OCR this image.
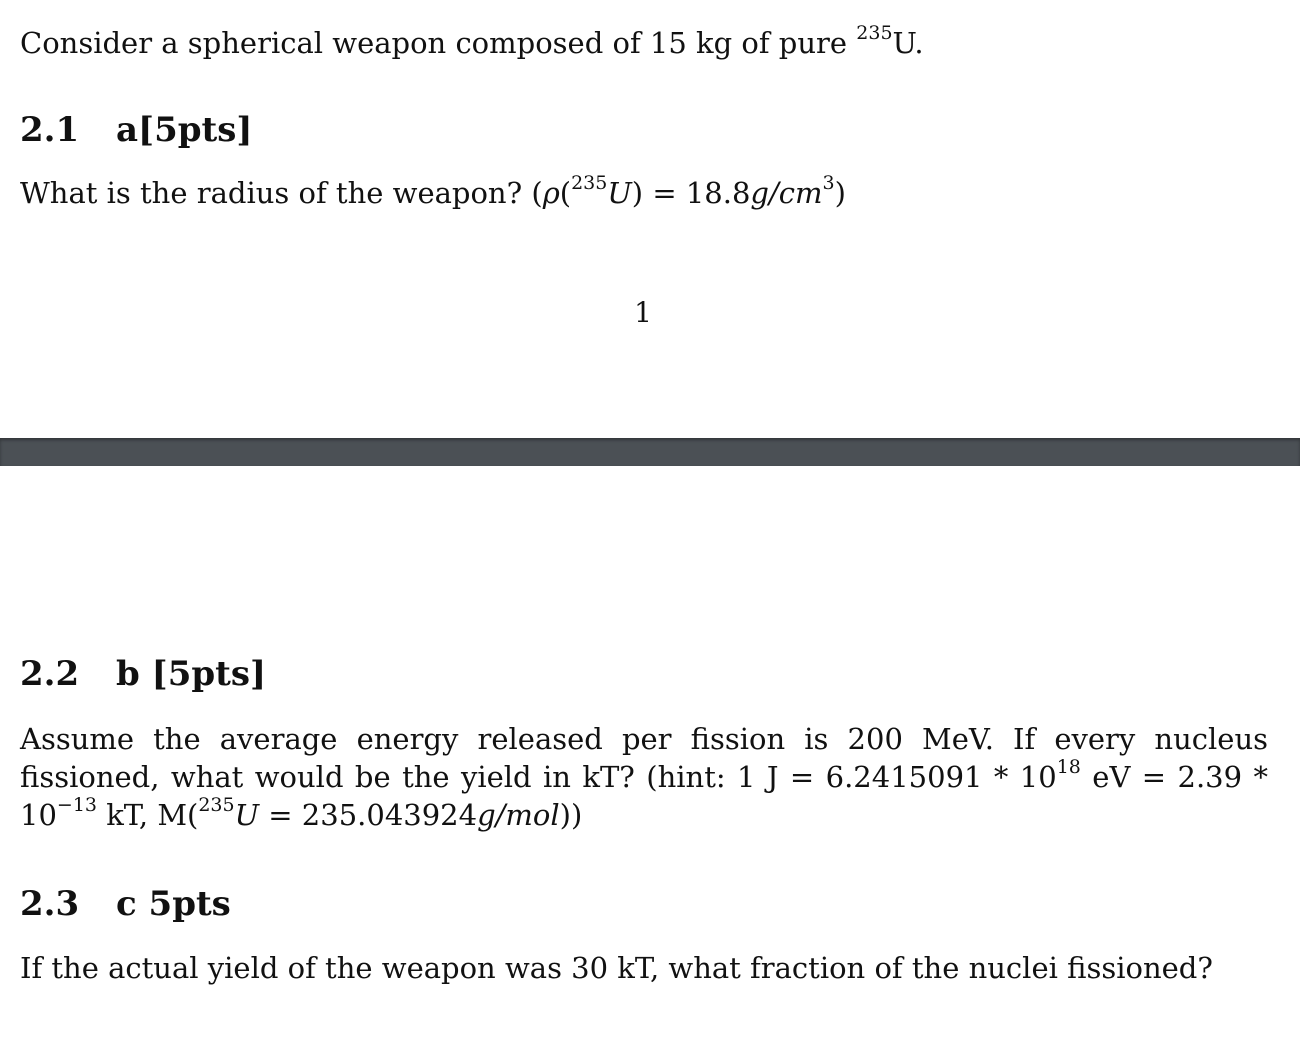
Consider a spherical weapon composed of 15 kg of pure $^{235}$U.

2.1 a[5pts]

What is the radius of the weapon? $(\rho(^{235}U) = 18.8g/cm^3)$

1
2.2 b [5pts]

Assume the average energy released per fission is 200 MeV. If every nucleus fissioned, what would be the yield in kT? (hint: 1 $J = 6.2415091 * 10^{18}$ eV = $2.39 * 10^{-13}$ kT, M($^{235}$U = 235.043924g/mol))

2.3 c 5pts

If the actual yield of the weapon was 30 kT, what fraction of the nuclei fissioned?
